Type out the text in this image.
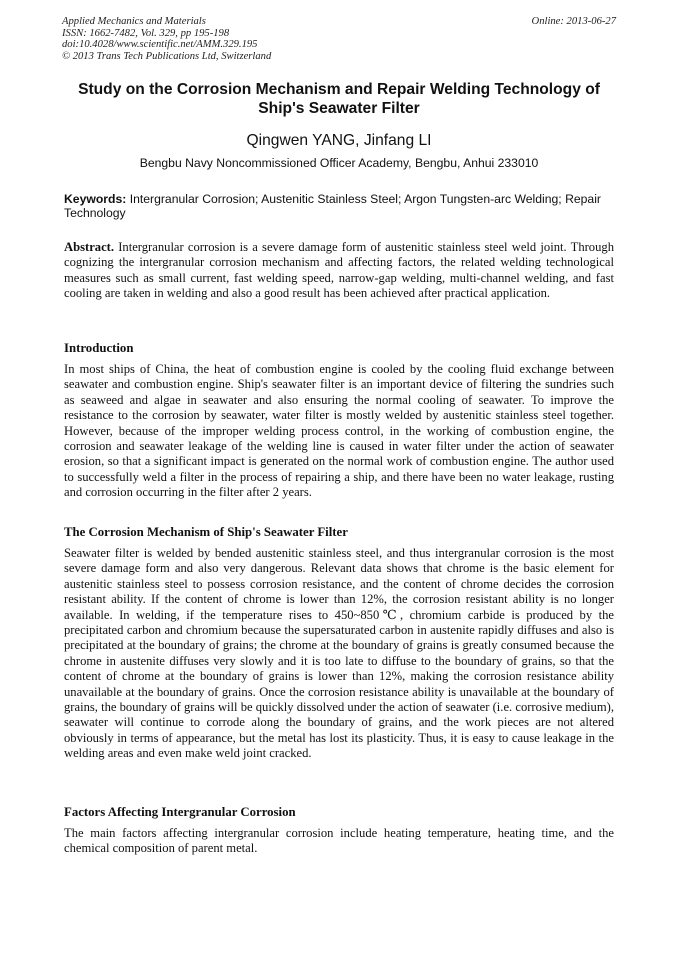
Applied Mechanics and Materials
ISSN: 1662-7482, Vol. 329, pp 195-198
doi:10.4028/www.scientific.net/AMM.329.195
© 2013 Trans Tech Publications Ltd, Switzerland
Online: 2013-06-27
Study on the Corrosion Mechanism and Repair Welding Technology of Ship's Seawater Filter
Qingwen YANG, Jinfang LI
Bengbu Navy Noncommissioned Officer Academy, Bengbu, Anhui 233010
Keywords: Intergranular Corrosion; Austenitic Stainless Steel; Argon Tungsten-arc Welding; Repair Technology

Abstract. Intergranular corrosion is a severe damage form of austenitic stainless steel weld joint. Through cognizing the intergranular corrosion mechanism and affecting factors, the related welding technological measures such as small current, fast welding speed, narrow-gap welding, multi-channel welding, and fast cooling are taken in welding and also a good result has been achieved after practical application.

Introduction

In most ships of China, the heat of combustion engine is cooled by the cooling fluid exchange between seawater and combustion engine. Ship's seawater filter is an important device of filtering the sundries such as seaweed and algae in seawater and also ensuring the normal cooling of seawater. To improve the resistance to the corrosion by seawater, water filter is mostly welded by austenitic stainless steel together. However, because of the improper welding process control, in the working of combustion engine, the corrosion and seawater leakage of the welding line is caused in water filter under the action of seawater erosion, so that a significant impact is generated on the normal work of combustion engine. The author used to successfully weld a filter in the process of repairing a ship, and there have been no water leakage, rusting and corrosion occurring in the filter after 2 years.

The Corrosion Mechanism of Ship's Seawater Filter

Seawater filter is welded by bended austenitic stainless steel, and thus intergranular corrosion is the most severe damage form and also very dangerous. Relevant data shows that chrome is the basic element for austenitic stainless steel to possess corrosion resistance, and the content of chrome decides the corrosion resistant ability. If the content of chrome is lower than 12%, the corrosion resistant ability is no longer available. In welding, if the temperature rises to 450~850℃, chromium carbide is produced by the precipitated carbon and chromium because the supersaturated carbon in austenite rapidly diffuses and also is precipitated at the boundary of grains; the chrome at the boundary of grains is greatly consumed because the chrome in austenite diffuses very slowly and it is too late to diffuse to the boundary of grains, so that the content of chrome at the boundary of grains is lower than 12%, making the corrosion resistance ability unavailable at the boundary of grains. Once the corrosion resistance ability is unavailable at the boundary of grains, the boundary of grains will be quickly dissolved under the action of seawater (i.e. corrosive medium), seawater will continue to corrode along the boundary of grains, and the work pieces are not altered obviously in terms of appearance, but the metal has lost its plasticity. Thus, it is easy to cause leakage in the welding areas and even make weld joint cracked.

Factors Affecting Intergranular Corrosion

The main factors affecting intergranular corrosion include heating temperature, heating time, and the chemical composition of parent metal.
